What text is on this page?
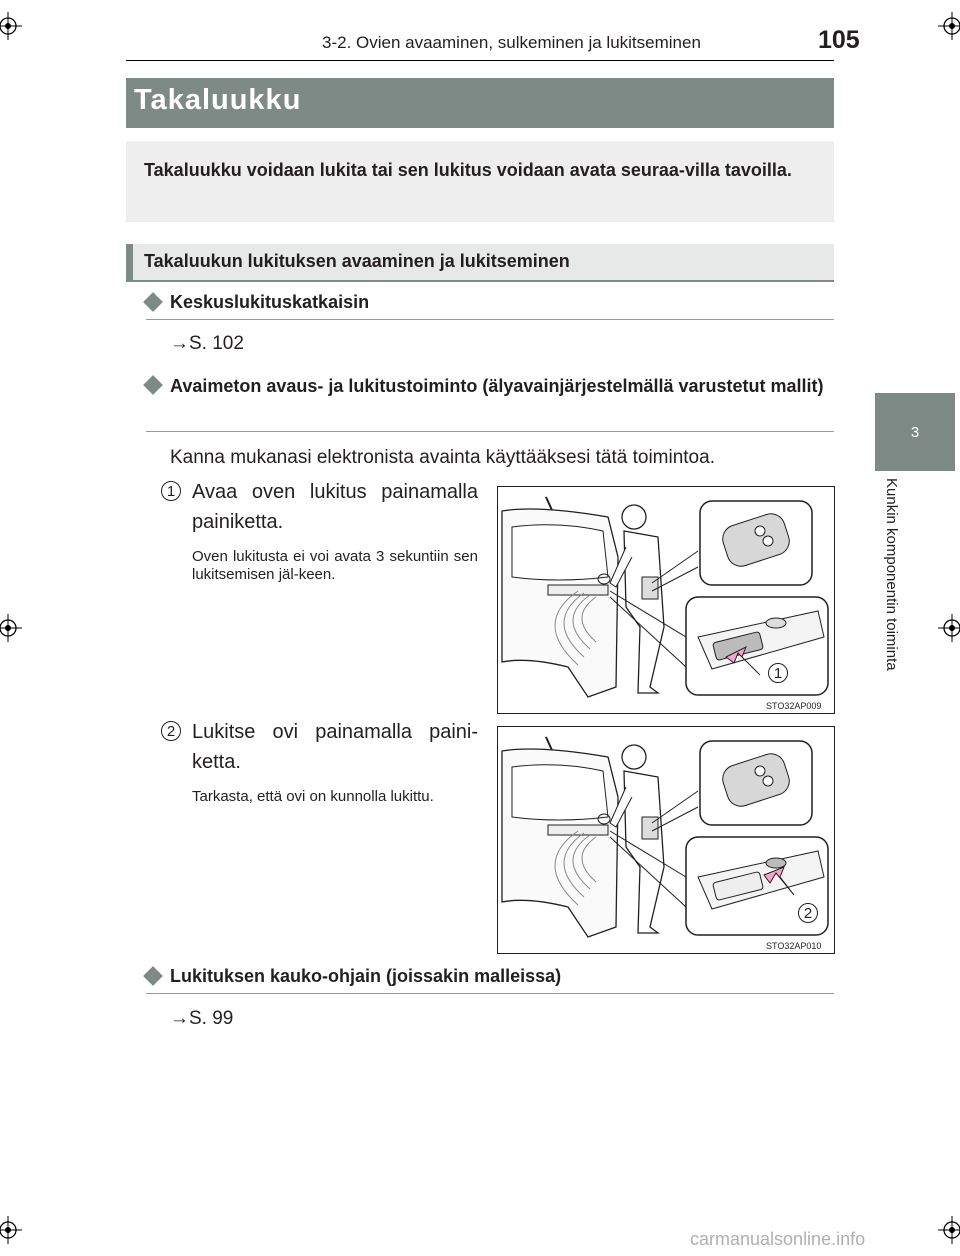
3-2. Ovien avaaminen, sulkeminen ja lukitseminen	105
3
Kunkin komponentin toiminta
Takaluukku

Takaluukku voidaan lukita tai sen lukitus voidaan avata seuraa-villa tavoilla.

Takaluukun lukituksen avaaminen ja lukitseminen
Keskuslukituskatkaisin
→S. 102
Avaimeton avaus- ja lukitustoiminto (älyavainjärjestelmällä varustetut mallit)
Kanna mukanasi elektronista avainta käyttääksesi tätä toimintoa.
1 Avaa oven lukitus painamalla painiketta.
Oven lukitusta ei voi avata 3 sekuntiin sen lukitsemisen jäl-keen.
1
STO32AP009
2 Lukitse ovi painamalla paini-ketta.
Tarkasta, että ovi on kunnolla lukittu.
2
STO32AP010
Lukituksen kauko-ohjain (joissakin malleissa)
→S. 99
carmanualsonline.info
